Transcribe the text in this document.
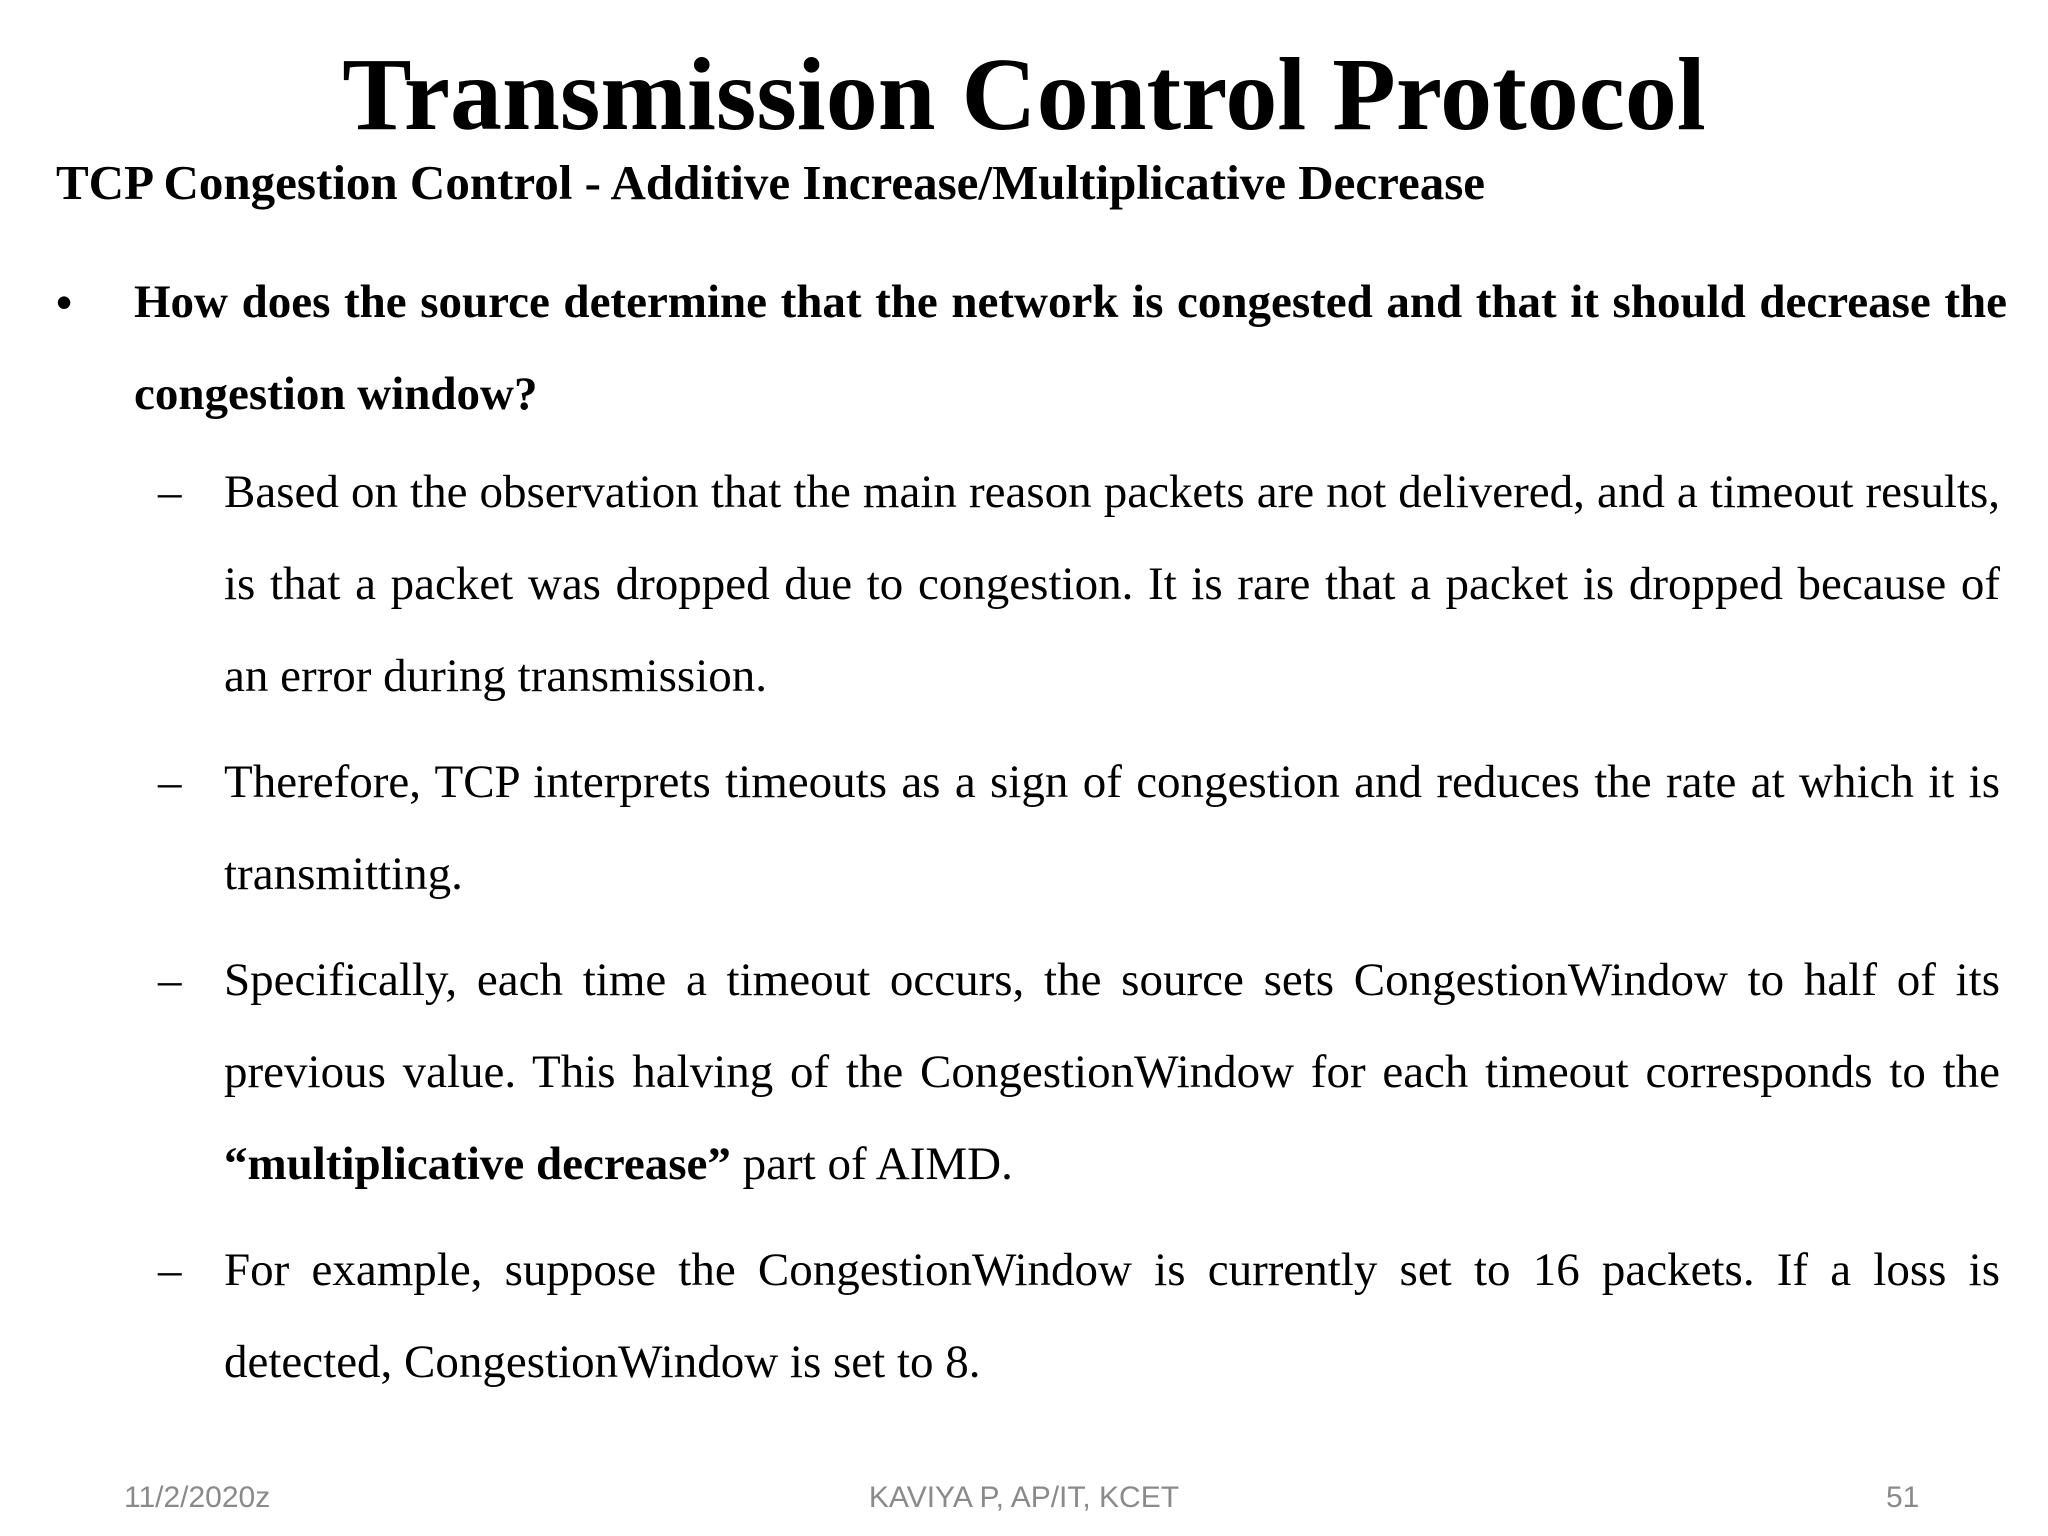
Transmission Control Protocol
TCP Congestion Control - Additive Increase/Multiplicative Decrease
• How does the source determine that the network is congested and that it should decrease the congestion window?
– Based on the observation that the main reason packets are not delivered, and a timeout results, is that a packet was dropped due to congestion. It is rare that a packet is dropped because of an error during transmission.
– Therefore, TCP interprets timeouts as a sign of congestion and reduces the rate at which it is transmitting.
– Specifically, each time a timeout occurs, the source sets CongestionWindow to half of its previous value. This halving of the CongestionWindow for each timeout corresponds to the “multiplicative decrease” part of AIMD.
– For example, suppose the CongestionWindow is currently set to 16 packets. If a loss is detected, CongestionWindow is set to 8.
11/2/2020z	KAVIYA P, AP/IT, KCET	51
